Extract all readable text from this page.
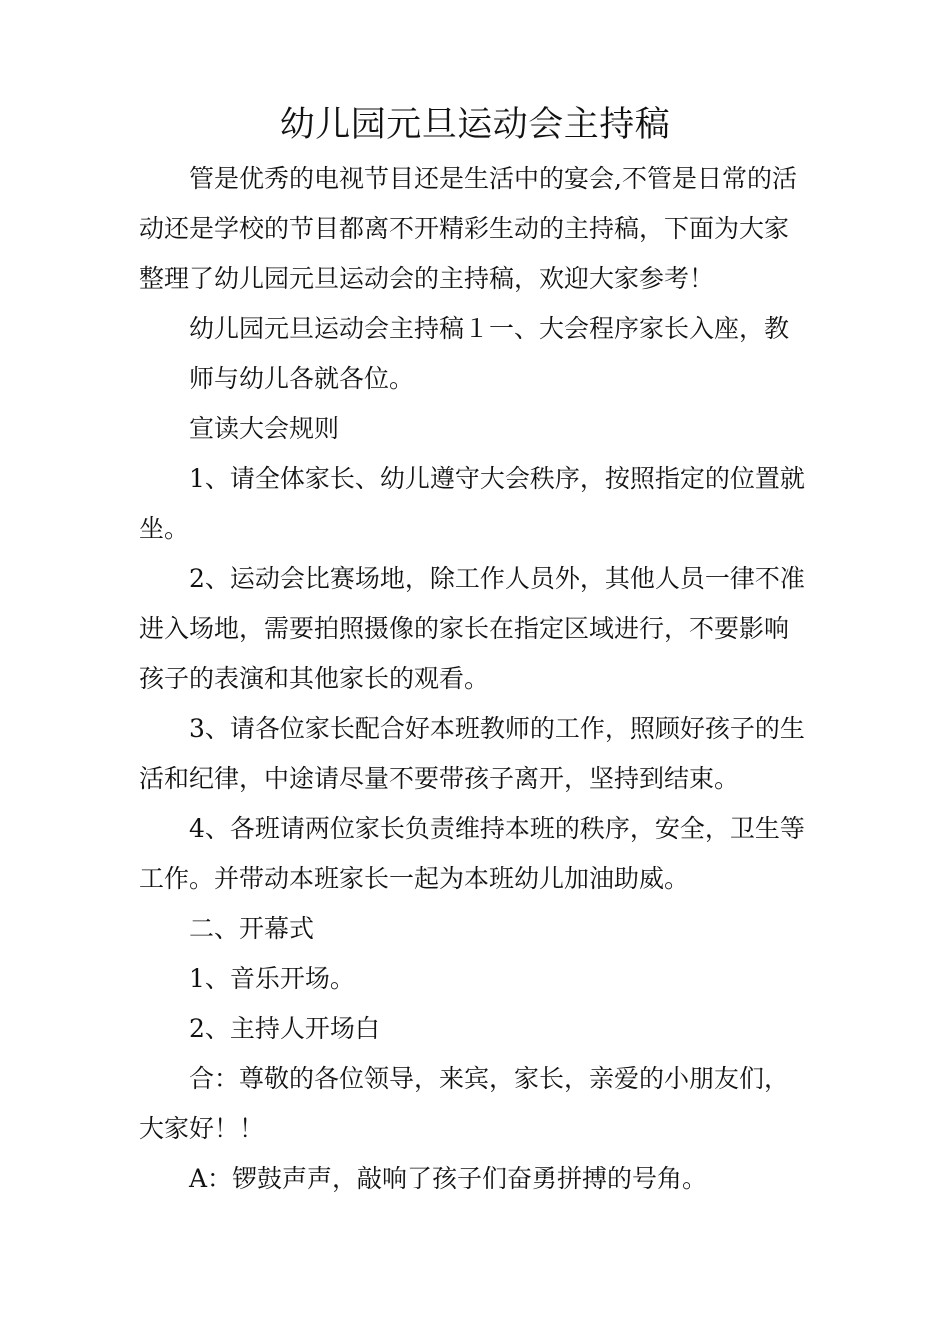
幼儿园元旦运动会主持稿

管是优秀的电视节目还是生活中的宴会,不管是日常的活

动还是学校的节目都离不开精彩生动的主持稿，下面为大家

整理了幼儿园元旦运动会的主持稿，欢迎大家参考！

幼儿园元旦运动会主持稿１一、大会程序家长入座，教

师与幼儿各就各位。

宣读大会规则

1、请全体家长、幼儿遵守大会秩序，按照指定的位置就

坐。

2、运动会比赛场地，除工作人员外，其他人员一律不准

进入场地，需要拍照摄像的家长在指定区域进行，不要影响

孩子的表演和其他家长的观看。

3、请各位家长配合好本班教师的工作，照顾好孩子的生

活和纪律，中途请尽量不要带孩子离开，坚持到结束。

4、各班请两位家长负责维持本班的秩序，安全，卫生等

工作。并带动本班家长一起为本班幼儿加油助威。

二、开幕式

1、音乐开场。

2、主持人开场白

合：尊敬的各位领导，来宾，家长，亲爱的小朋友们，

大家好！！

A：锣鼓声声，敲响了孩子们奋勇拼搏的号角。
